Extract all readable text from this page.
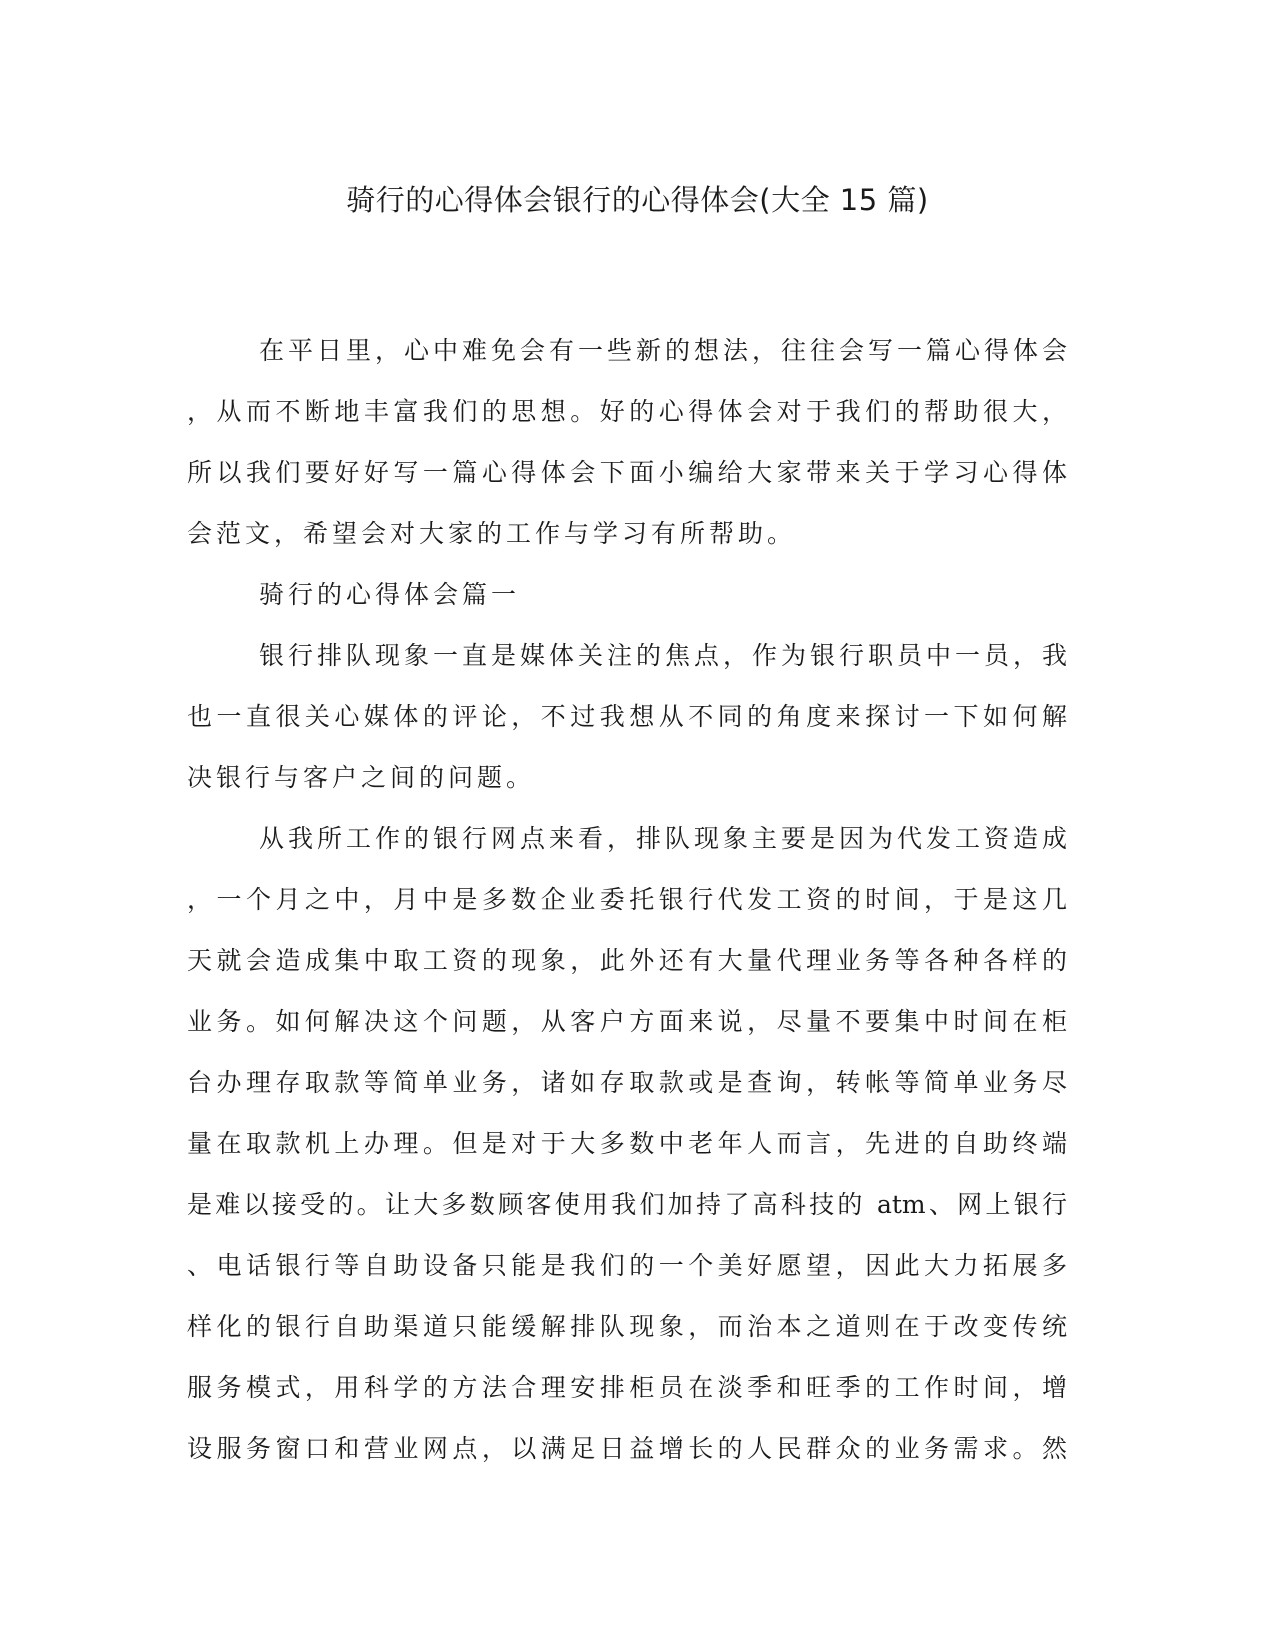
骑行的心得体会银行的心得体会(大全 15 篇)
在平日里，心中难免会有一些新的想法，往往会写一篇心得体会
，从而不断地丰富我们的思想。好的心得体会对于我们的帮助很大，
所以我们要好好写一篇心得体会下面小编给大家带来关于学习心得体
会范文，希望会对大家的工作与学习有所帮助。
骑行的心得体会篇一
银行排队现象一直是媒体关注的焦点，作为银行职员中一员，我
也一直很关心媒体的评论，不过我想从不同的角度来探讨一下如何解
决银行与客户之间的问题。
从我所工作的银行网点来看，排队现象主要是因为代发工资造成
，一个月之中，月中是多数企业委托银行代发工资的时间，于是这几
天就会造成集中取工资的现象，此外还有大量代理业务等各种各样的
业务。如何解决这个问题，从客户方面来说，尽量不要集中时间在柜
台办理存取款等简单业务，诸如存取款或是查询，转帐等简单业务尽
量在取款机上办理。但是对于大多数中老年人而言，先进的自助终端
是难以接受的。让大多数顾客使用我们加持了高科技的 atm、网上银行
、电话银行等自助设备只能是我们的一个美好愿望，因此大力拓展多
样化的银行自助渠道只能缓解排队现象，而治本之道则在于改变传统
服务模式，用科学的方法合理安排柜员在淡季和旺季的工作时间，增
设服务窗口和营业网点，以满足日益增长的人民群众的业务需求。然
